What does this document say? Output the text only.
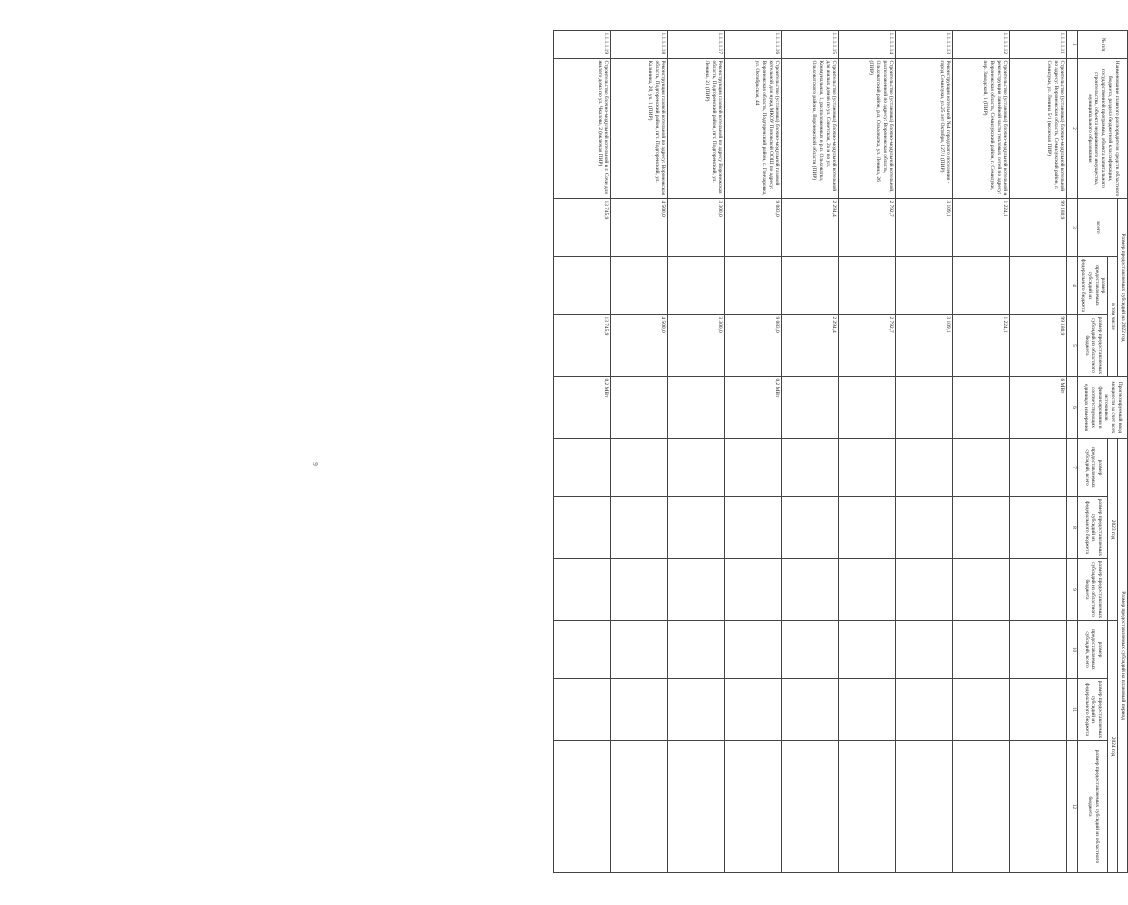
9
№ п/п	Наименование главного распорядителя средств областного бюджета, раздела бюджетной классификации, государственной программы, объекта капитального строительства, объекта недвижимого имущества, муниципального образования	Размер предоставляемых субсидий на 2022 год			Прогнозируемый ввод мощности за счет всех источников финансирования в соответствующих единицах измерения	Размер предоставляемых субсидий на плановый период					
		всего	в том числе			2023 год			2024 год		
			размер предоставляемых субсидий из федерального бюджета	размер предоставляемых субсидий из областного бюджета		размер предоставляемых субсидий, всего	размер предоставляемых субсидий из федерального бюджета	размер предоставляемых субсидий из областного бюджета	размер предоставляемых субсидий, всего	размер предоставляемых субсидий из федерального бюджета	размер предоставляемых субсидий из областного бюджета
1	2	3	4	5	6	7	8	9	10	11	12
1.1.1.1.11	Строительство (установка) блочно-модульной котельной по адресу: Воронежская область, Семилукский район, г. Семилуки, ул. Ленина 5/1 (включая ПИР)	99 180,9		99 180,9	6 МВт						
1.1.1.1.12	Строительство (установка) блочно-модульной котельной и реконструкция линейной части тепловых сетей по адресу: Воронежская область, Семилукский район, г. Семилуки, пер. Заводской, 1 (ПИР)	1 224,1		1 224,1							
1.1.1.1.13	Реконструкция котельной №4 городского поселения - город Семилуки, ул.25 лет Октября, 127/1 (ПИР)	3 109,1		3 109,1							
1.1.1.1.14	Строительство (установка) блочно-модульной котельной, расположенной по адресу: Воронежская область, Ольховатский район, р.п. Ольховатка, ул. Ленина, 26 (ПИР)	2 792,7		2 792,7							
1.1.1.1.15	Строительство (установка) блочно-модульной котельной для жилых домов по ул. Советская, 2а и по ул. Коммунальная, 1, расположенных в р.п. Ольховатка, Ольховатского района, Воронежской области (ПИР)	2 294,4		2 294,4							
1.1.1.1.16	Строительство (установка) блочно-модульной газовой котельной для нужд МКОУ Поповской ООШ по адресу: Воронежская область, Подгоренский район, с. Гончаровка, ул. Октябрьская, 44	9 083,0		9 083,0	0,2 МВт						
1.1.1.1.17	Реконструкция газовой котельной по адресу Воронежская область, Подгоренский район, пгт. Подгоренский, ул. Ленина, 21 (ПИР)	3 300,0		3 300,0							
1.1.1.1.18	Реконструкция газовой котельной по адресу: Воронежская область, Подгоренский район, пгт. Подгоренский, ул. Калинина, 20, уч. 1 (ПИР)	4 500,0		4 500,0							
1.1.1.1.19	Строительство блочно-модульной котельной в г. Сочи для жилого дома по ул. Чкалова, 2 (включая ПИР)	13 745,9		13 745,9	0,2 МВт						
